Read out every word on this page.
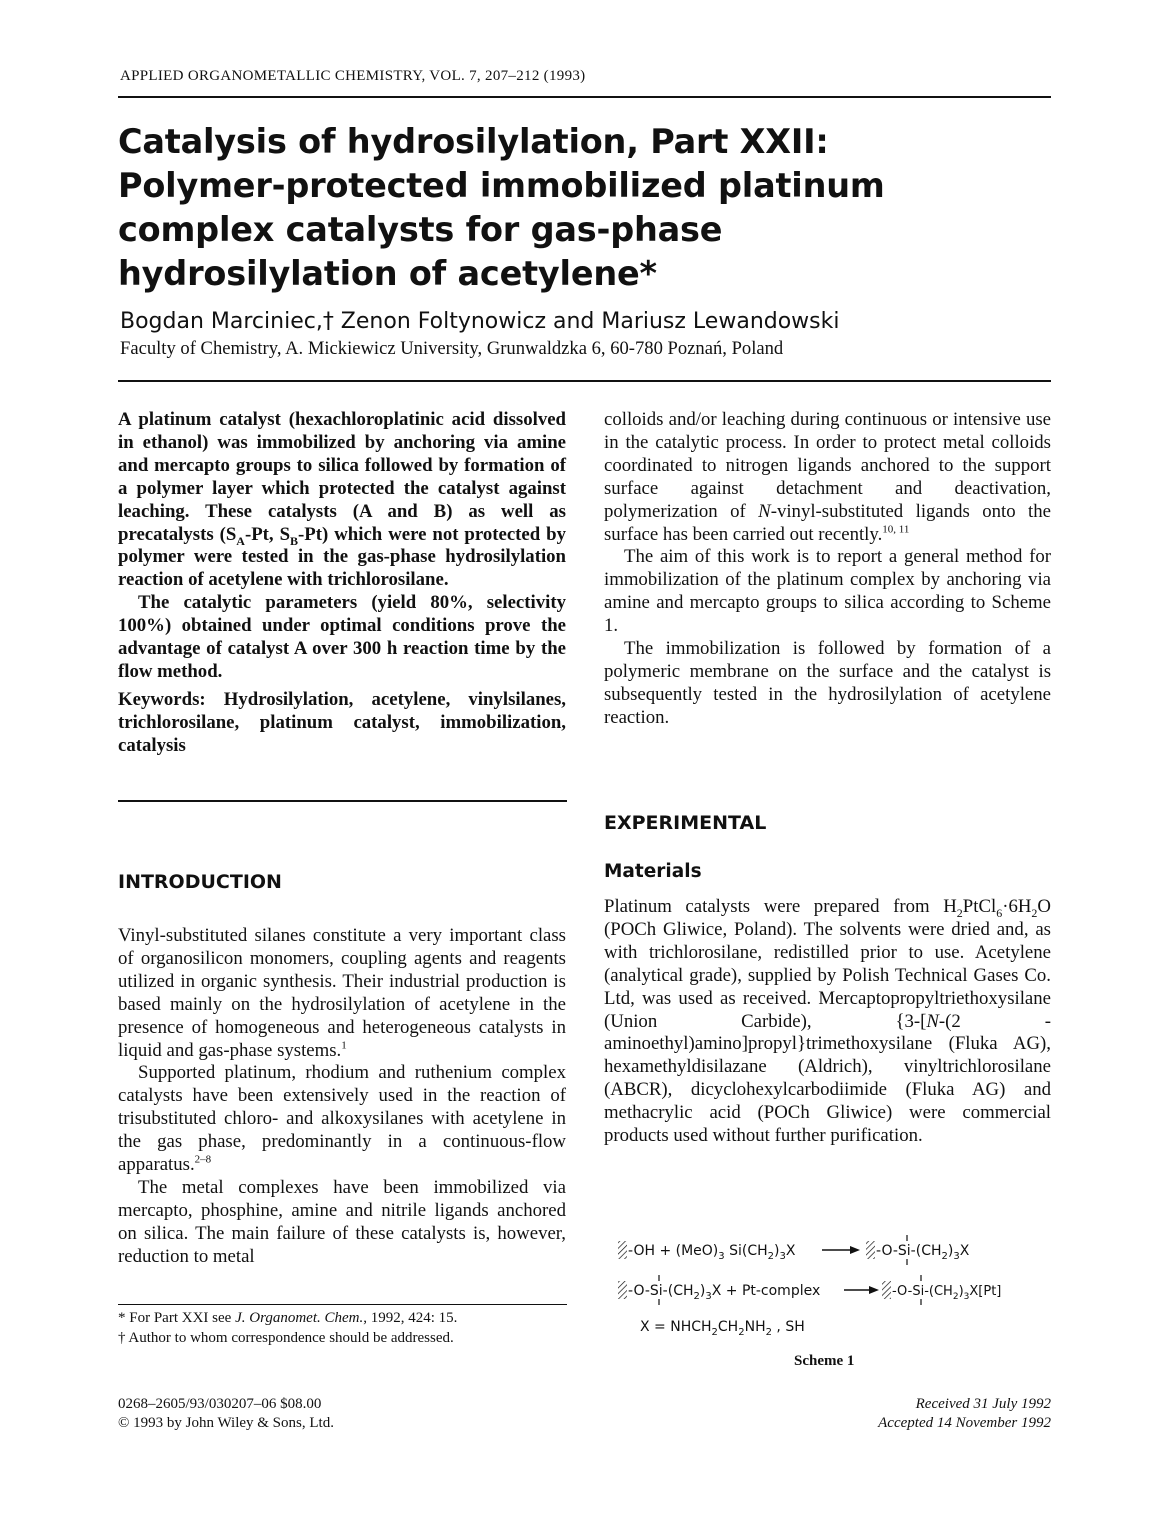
APPLIED ORGANOMETALLIC CHEMISTRY, VOL. 7, 207–212 (1993)
Catalysis of hydrosilylation, Part XXII:
Polymer-protected immobilized platinum
complex catalysts for gas-phase
hydrosilylation of acetylene*
Bogdan Marciniec,† Zenon Foltynowicz and Mariusz Lewandowski
Faculty of Chemistry, A. Mickiewicz University, Grunwaldzka 6, 60-780 Poznań, Poland

A platinum catalyst (hexachloroplatinic acid dissolved in ethanol) was immobilized by anchoring via amine and mercapto groups to silica followed by formation of a polymer layer which protected the catalyst against leaching. These catalysts (A and B) as well as precatalysts ($S_A-Pt$, $S_B-Pt$) which were not protected by polymer were tested in the gas-phase hydrosilylation reaction of acetylene with trichlorosilane.

The catalytic parameters (yield 80%, selectivity 100%) obtained under optimal conditions prove the advantage of catalyst A over 300 h reaction time by the flow method.

Keywords: Hydrosilylation, acetylene, vinylsilanes, trichlorosilane, platinum catalyst, immobilization, catalysis

INTRODUCTION

Vinyl-substituted silanes constitute a very important class of organosilicon monomers, coupling agents and reagents utilized in organic synthesis. Their industrial production is based mainly on the hydrosilylation of acetylene in the presence of homogeneous and heterogeneous catalysts in liquid and gas-phase systems.$^1$

Supported platinum, rhodium and ruthenium complex catalysts have been extensively used in the reaction of trisubstituted chloro- and alkoxysilanes with acetylene in the gas phase, predominantly in a continuous-flow apparatus.$^{2-8}$

The metal complexes have been immobilized via mercapto, phosphine, amine and nitrile ligands anchored on silica. The main failure of these catalysts is, however, reduction to metal

* For Part XXI see J. Organomet. Chem., 1992, 424: 15.
† Author to whom correspondence should be addressed.
0268–2605/93/030207–06 $08.00
© 1993 by John Wiley & Sons, Ltd.

colloids and/or leaching during continuous or intensive use in the catalytic process. In order to protect metal colloids coordinated to nitrogen ligands anchored to the support surface against detachment and deactivation, polymerization of N-vinyl-substituted ligands onto the surface has been carried out recently.$^{10, 11}$

The aim of this work is to report a general method for immobilization of the platinum complex by anchoring via amine and mercapto groups to silica according to Scheme 1.

The immobilization is followed by formation of a polymeric membrane on the surface and the catalyst is subsequently tested in the hydrosilylation of acetylene reaction.

EXPERIMENTAL
Materials

Platinum catalysts were prepared from $H_2PtCl_6\cdot 6H_2O$ (POCh Gliwice, Poland). The solvents were dried and, as with trichlorosilane, redistilled prior to use. Acetylene (analytical grade), supplied by Polish Technical Gases Co. Ltd, was used as received. Mercaptopropyltriethoxysilane (Union Carbide), {3-[N-(2 - aminoethyl)amino]propyl}trimethoxysilane (Fluka AG), hexamethyldisilazane (Aldrich), vinyltrichlorosilane (ABCR), dicyclohexylcarbodiimide (Fluka AG) and methacrylic acid (POCh Gliwice) were commercial products used without further purification.

$-OH + (MeO)_3$ $Si(CH_2)_3X$	$-O-Si-(CH_2)_3X$
$-O-Si-(CH_2)_3X$ + Pt-complex	$-O-Si-(CH_2)_3X[Pt]$
$X = NHCH_2CH_2NH_2$ , SH
Scheme 1
Received 31 July 1992
Accepted 14 November 1992
